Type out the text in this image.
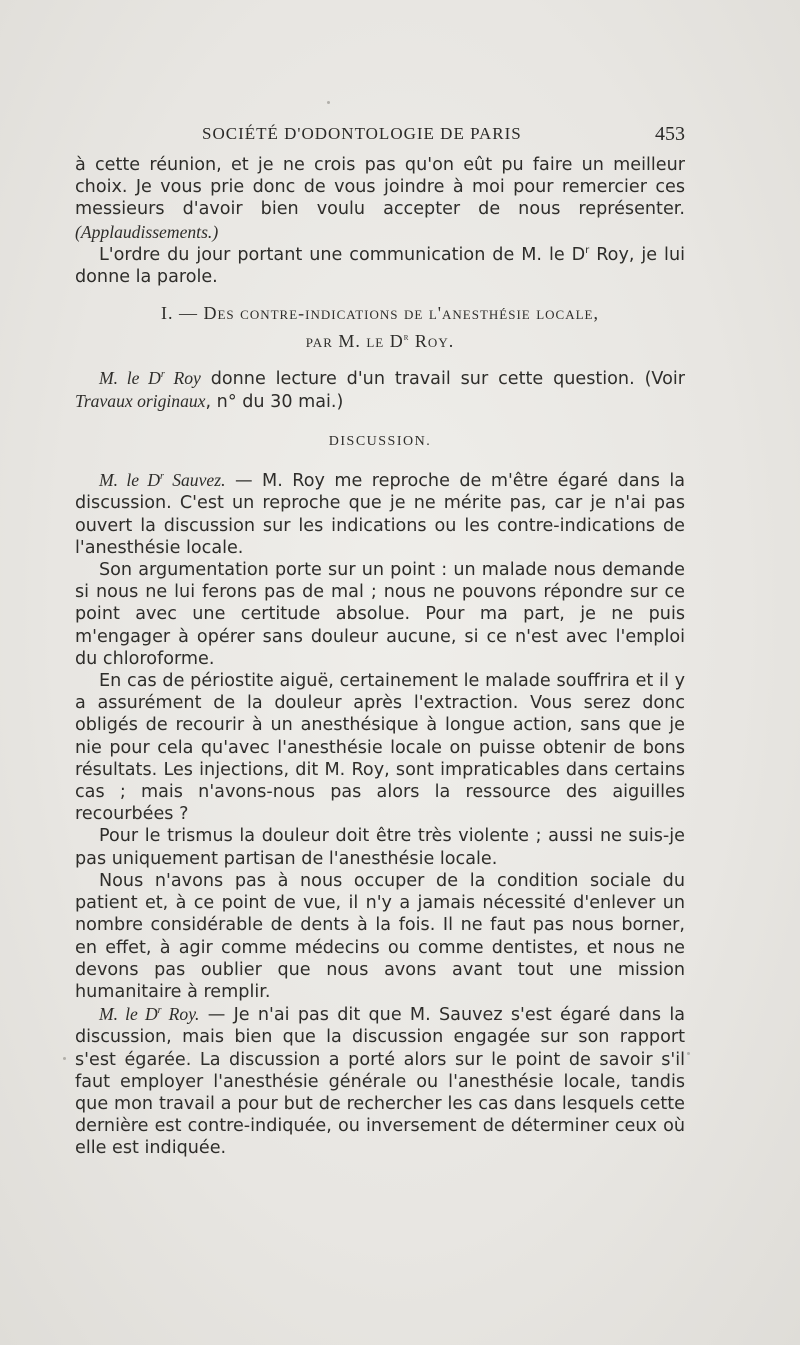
SOCIÉTÉ D'ODONTOLOGIE DE PARIS	453

à cette réunion, et je ne crois pas qu'on eût pu faire un meilleur choix. Je vous prie donc de vous joindre à moi pour remercier ces messieurs d'avoir bien voulu accepter de nous représenter. (Applaudissements.)

L'ordre du jour portant une communication de M. le $D^r$ Roy, je lui donne la parole.

I. — Des contre-indications de l'anesthésie locale,

par M. le $D^r$ Roy.

M. le $D^r$ Roy donne lecture d'un travail sur cette question. (Voir Travaux originaux, n° du 30 mai.)

DISCUSSION.

M. le $D^r$ Sauvez. — M. Roy me reproche de m'être égaré dans la discussion. C'est un reproche que je ne mérite pas, car je n'ai pas ouvert la discussion sur les indications ou les contre-indications de l'anesthésie locale.

Son argumentation porte sur un point : un malade nous demande si nous ne lui ferons pas de mal ; nous ne pouvons répondre sur ce point avec une certitude absolue. Pour ma part, je ne puis m'engager à opérer sans douleur aucune, si ce n'est avec l'emploi du chloroforme.

En cas de périostite aiguë, certainement le malade souffrira et il y a assurément de la douleur après l'extraction. Vous serez donc obligés de recourir à un anesthésique à longue action, sans que je nie pour cela qu'avec l'anesthésie locale on puisse obtenir de bons résultats. Les injections, dit M. Roy, sont impraticables dans certains cas ; mais n'avons-nous pas alors la ressource des aiguilles recourbées ?

Pour le trismus la douleur doit être très violente ; aussi ne suis-je pas uniquement partisan de l'anesthésie locale.

Nous n'avons pas à nous occuper de la condition sociale du patient et, à ce point de vue, il n'y a jamais nécessité d'enlever un nombre considérable de dents à la fois. Il ne faut pas nous borner, en effet, à agir comme médecins ou comme dentistes, et nous ne devons pas oublier que nous avons avant tout une mission humanitaire à remplir.

M. le $D^r$ Roy. — Je n'ai pas dit que M. Sauvez s'est égaré dans la discussion, mais bien que la discussion engagée sur son rapport s'est égarée. La discussion a porté alors sur le point de savoir s'il faut employer l'anesthésie générale ou l'anesthésie locale, tandis que mon travail a pour but de rechercher les cas dans lesquels cette dernière est contre-indiquée, ou inversement de déterminer ceux où elle est indiquée.
